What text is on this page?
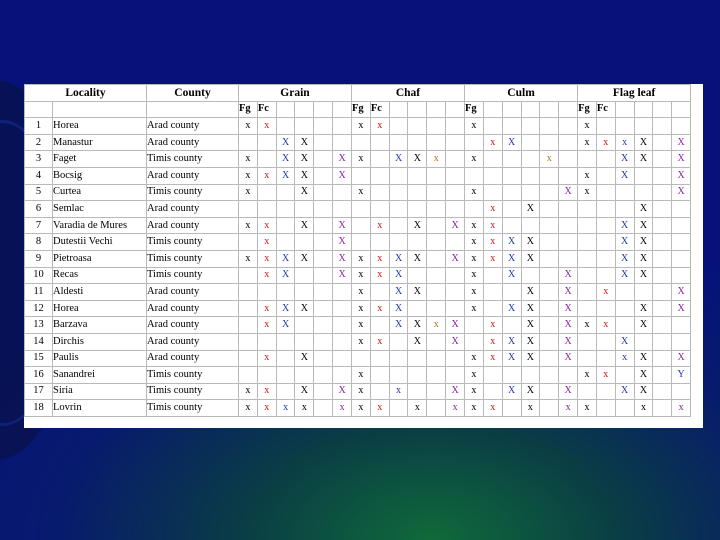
Locality		County	Grain						Chaf						Culm						Flag leaf					
			Fg	Fc					Fg	Fc					Fg						Fg	Fc				
1	Horea	Arad county	x	x					x	x					x						x					
2	Manastur	Arad county			X	X										x	X				x	x	x	X		X
3	Faget	Timis county	x		X	X		X	x		X	X	x		x				x				X	X		X
4	Bocsig	Arad county	x	x	X	X		X													x		X			X
5	Curtea	Timis county	x			X			x						x					X	x					X
6	Semlac	Arad county														x		X						X		
7	Varadia de Mures	Arad county	x	x		X		X		x		X		X	x	x							X	X		
8	Dutestii Vechi	Timis county		x				X							x	x	X	X					X	X		
9	Pietroasa	Timis county	x	x	X	X		X	x	x	X	X		X	x	x	X	X					X	X		
10	Recas	Timis county		x	X			X	x	x	X				x		X			X			X	X		
11	Aldesti	Arad county							x		X	X			x			X		X		x				X
12	Horea	Arad county		x	X	X			x	x	X				x		X	X		X				X		X
13	Barzava	Arad county		x	X				x		X	X	x	X		x		X		X	x	x		X		
14	Dirchis	Arad county							x	x		X		X		x	X	X		X			X			
15	Paulis	Arad county		x		X									x	x	X	X		X			x	X		X
16	Sanandrei	Timis county							x						x						x	x		X		Y
17	Siria	Timis county	x	x		X		X	x		x			X	x		X	X		X			X	X		
18	Lovrin	Timis county	x	x	x	x		x	x	x		x		x	x	x		x		x	x			x		x
